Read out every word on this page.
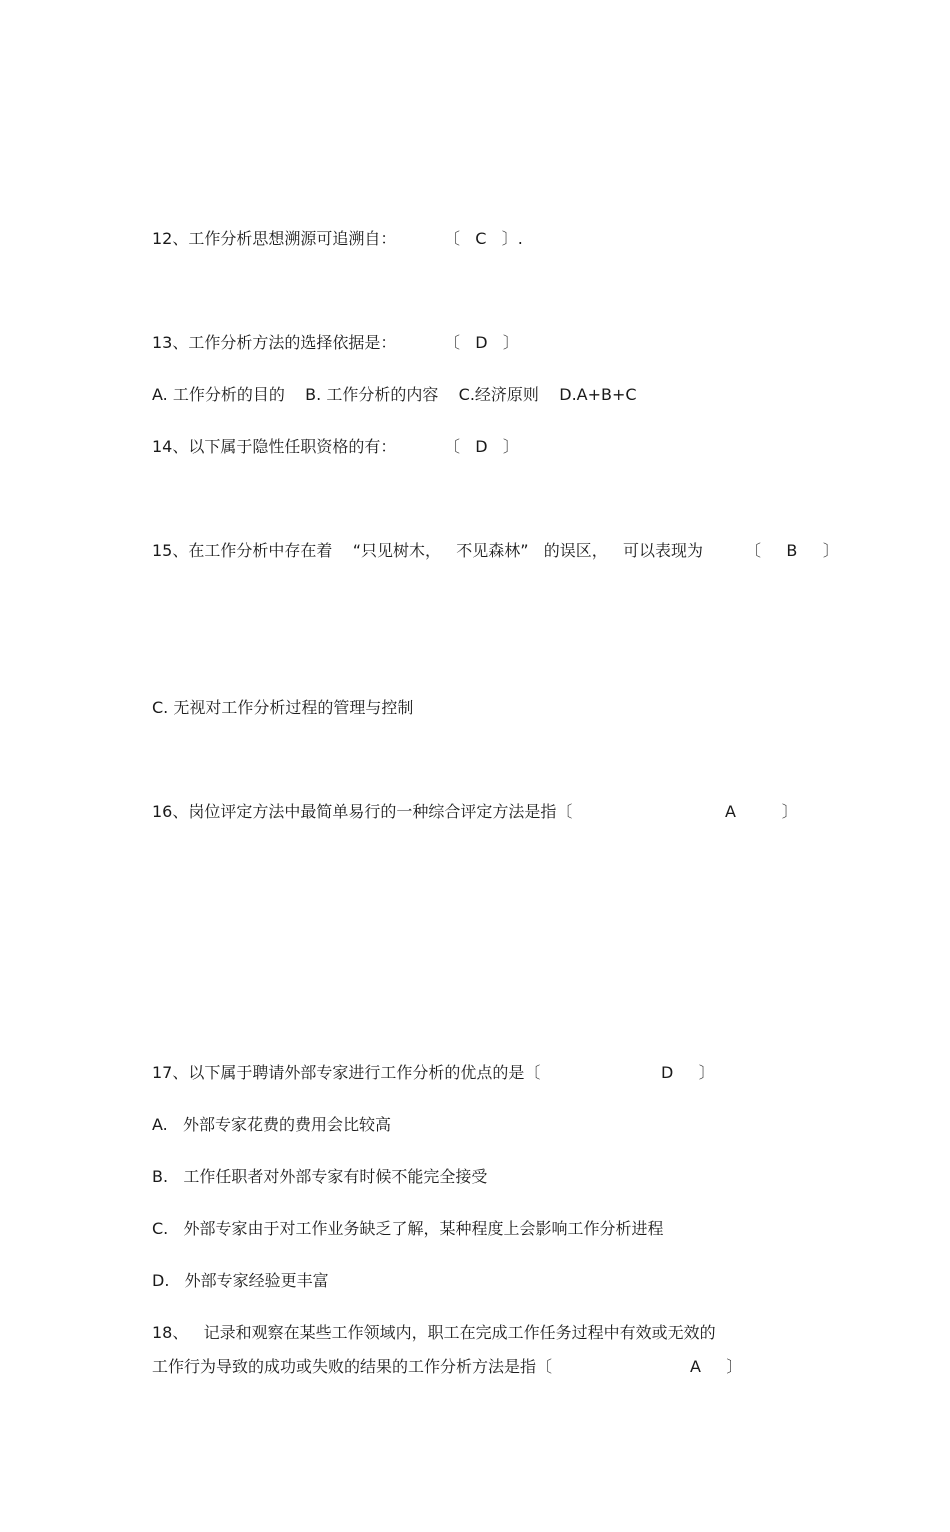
12、工作分析思想溯源可追溯自：	〔   C   〕.
13、工作分析方法的选择依据是：	〔   D   〕
A. 工作分析的目的    B. 工作分析的内容    C.经济原则    D.A+B+C
14、以下属于隐性任职资格的有：	〔   D   〕
15、在工作分析中存在着    “只见树木，   不见森林”   的误区，   可以表现为	〔     B     〕
C. 无视对工作分析过程的管理与控制
16、岗位评定方法中最简单易行的一种综合评定方法是指〔	A         〕
17、以下属于聘请外部专家进行工作分析的优点的是〔	D     〕
A.   外部专家花费的费用会比较高
B.   工作任职者对外部专家有时候不能完全接受
C.   外部专家由于对工作业务缺乏了解，某种程度上会影响工作分析进程
D.   外部专家经验更丰富
18、   记录和观察在某些工作领域内，职工在完成工作任务过程中有效或无效的
工作行为导致的成功或失败的结果的工作分析方法是指〔	A     〕
